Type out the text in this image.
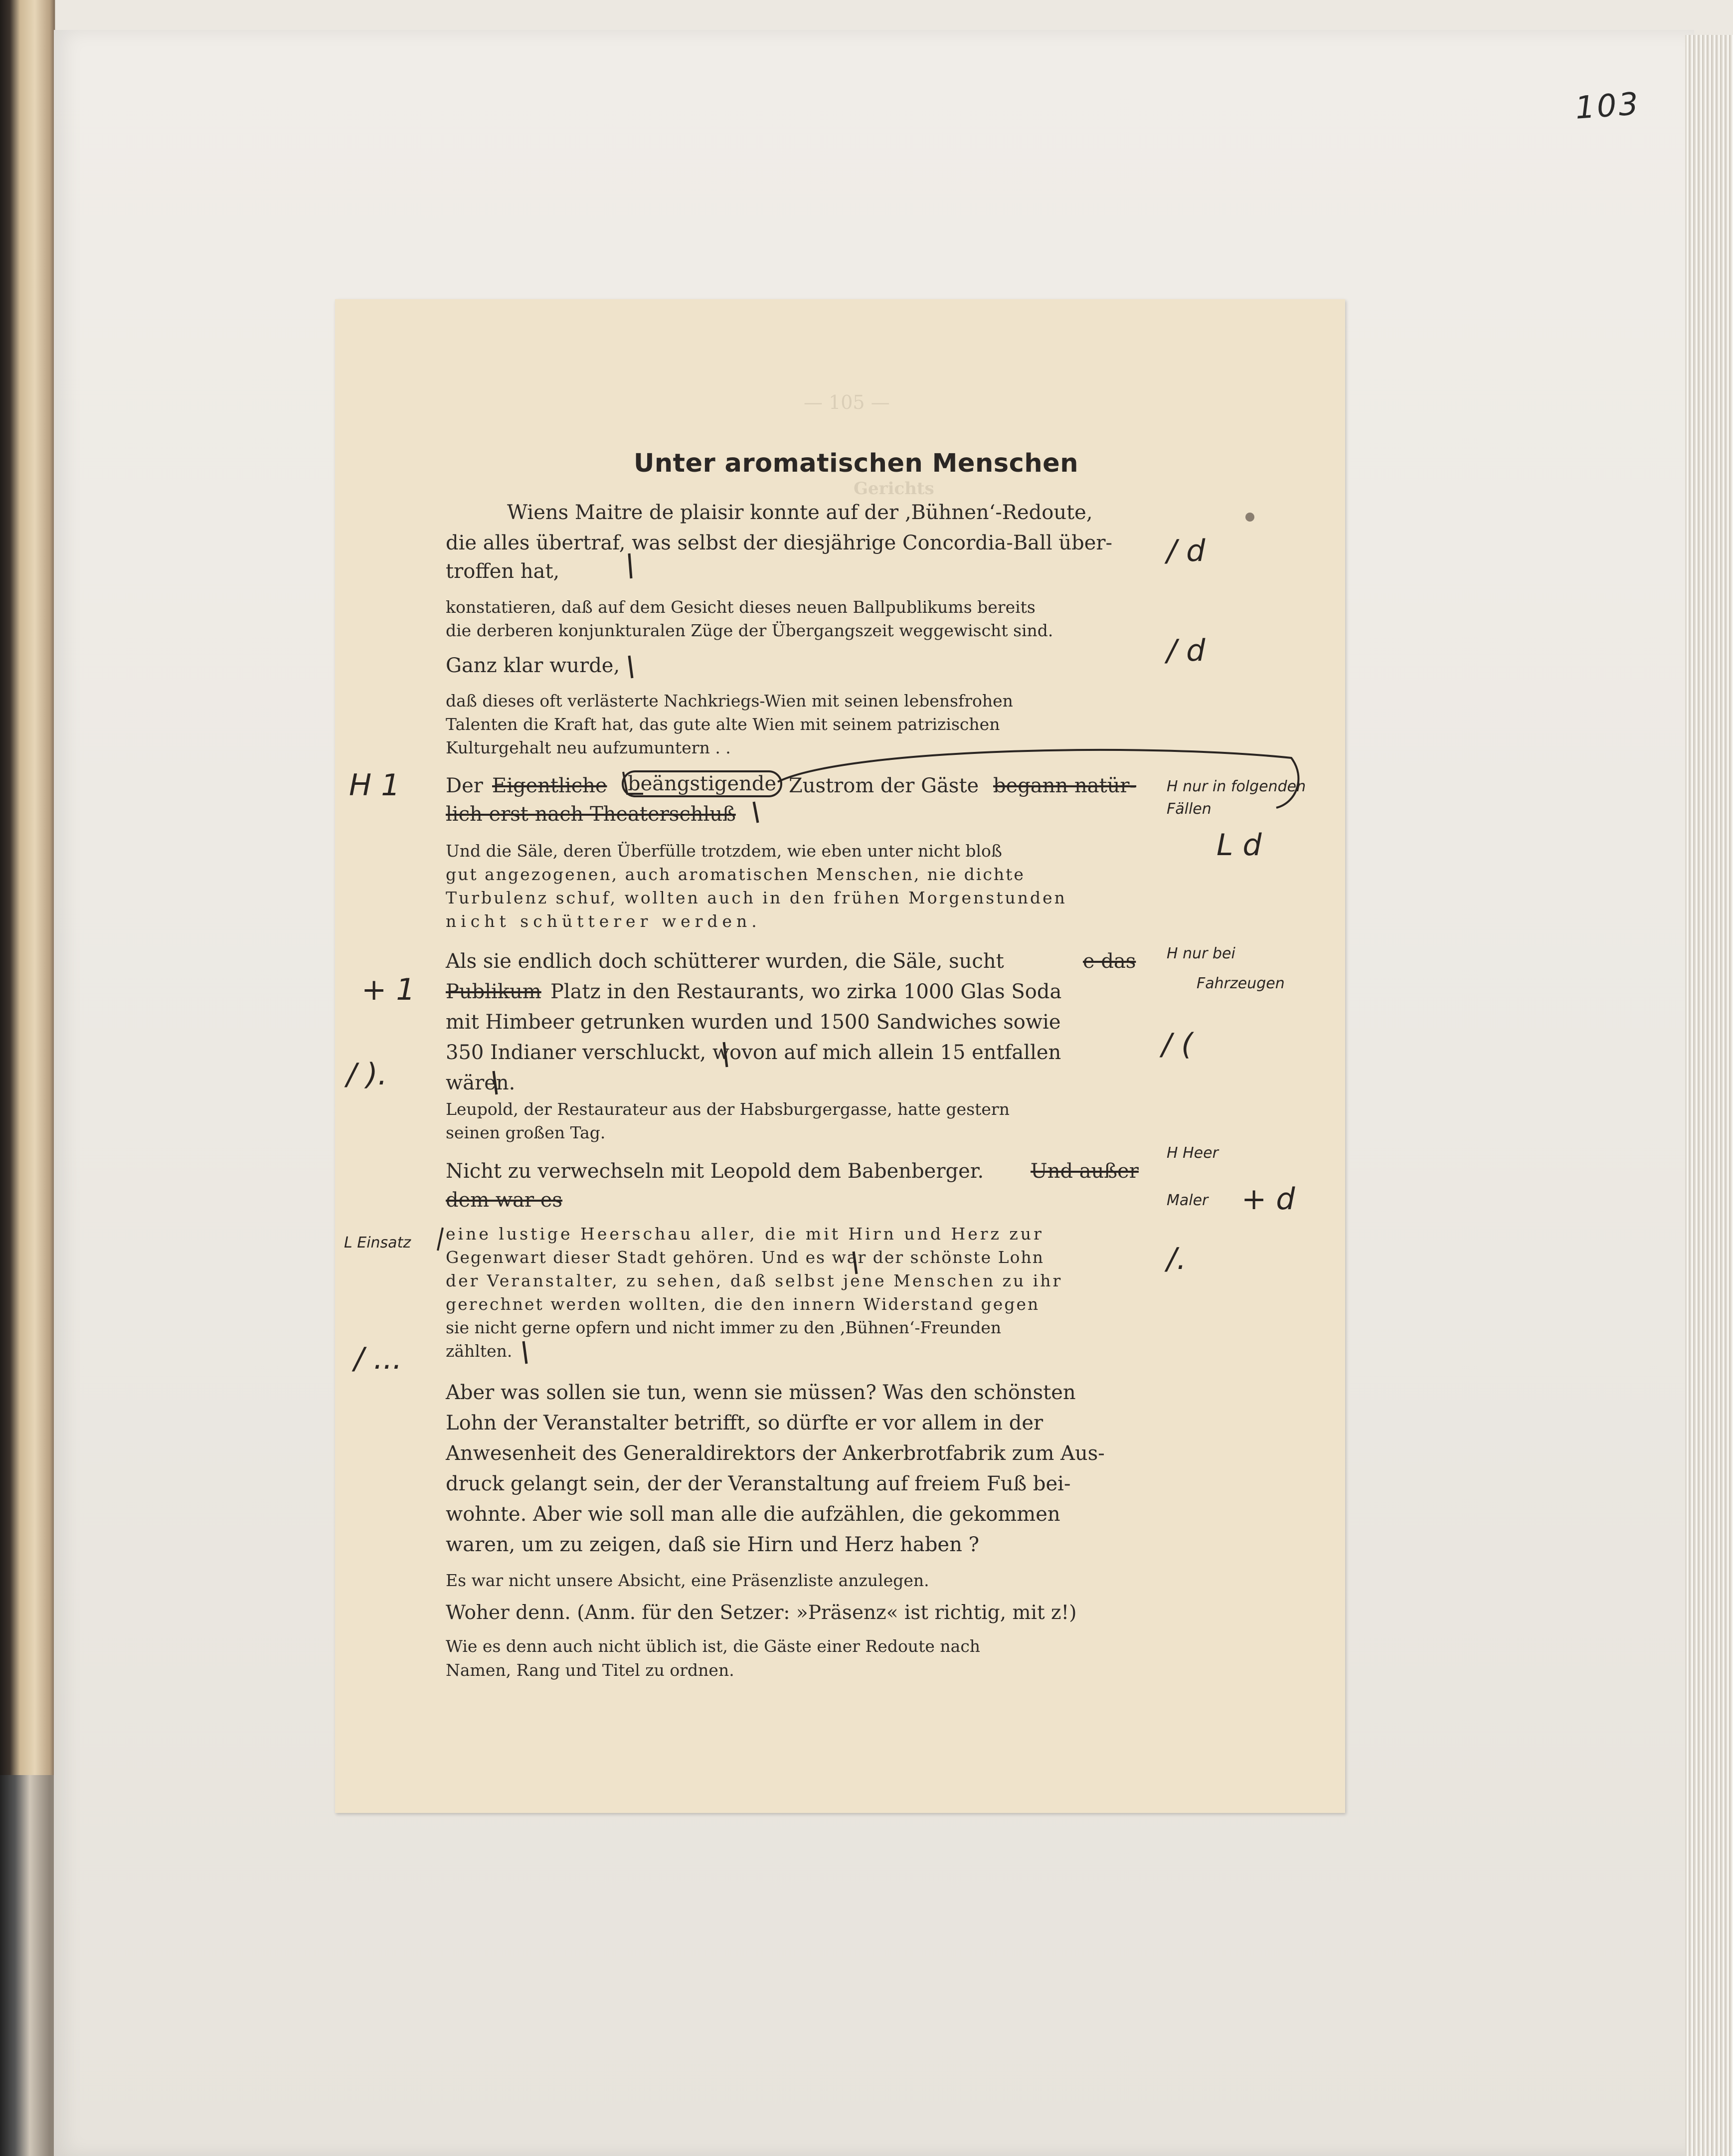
103
— 105 —
Gerichts
Unter aromatischen Menschen
Wiens Maitre de plaisir konnte auf der ‚Bühnen‘-Redoute,
die alles übertraf, was selbst der diesjährige Concordia-Ball über-
troffen hat,
konstatieren, daß auf dem Gesicht dieses neuen Ballpublikums bereits
die derberen konjunkturalen Züge der Übergangszeit weggewischt sind.
Ganz klar wurde,
daß dieses oft verlästerte Nachkriegs-Wien mit seinen lebensfrohen
Talenten die Kraft hat, das gute alte Wien mit seinem patrizischen
Kulturgehalt neu aufzumuntern . .
Der Eigentliche	beängstigende Zustrom der Gäste begann natür-
lich erst nach Theaterschluß
Und die Säle, deren Überfülle trotzdem, wie eben unter nicht bloß
gut angezogenen, auch aromatischen Menschen, nie dichte
Turbulenz schuf, wollten auch in den frühen Morgenstunden
nicht schütterer werden.
Als sie endlich doch schütterer wurden, die Säle, sucht	e das
Publikum Platz in den Restaurants, wo zirka 1000 Glas Soda
mit Himbeer getrunken wurden und 1500 Sandwiches sowie
350 Indianer verschluckt, wovon auf mich allein 15 entfallen
wären.
Leupold, der Restaurateur aus der Habsburgergasse, hatte gestern
seinen großen Tag.
Nicht zu verwechseln mit Leopold dem Babenberger. Und außer
dem war es
eine lustige Heerschau aller, die mit Hirn und Herz zur
Gegenwart dieser Stadt gehören. Und es war der schönste Lohn
der Veranstalter, zu sehen, daß selbst jene Menschen zu ihr
gerechnet werden wollten, die den innern Widerstand gegen
sie nicht gerne opfern und nicht immer zu den ‚Bühnen‘-Freunden
zählten.
Aber was sollen sie tun, wenn sie müssen? Was den schönsten
Lohn der Veranstalter betrifft, so dürfte er vor allem in der
Anwesenheit des Generaldirektors der Ankerbrotfabrik zum Aus-
druck gelangt sein, der der Veranstaltung auf freiem Fuß bei-
wohnte. Aber wie soll man alle die aufzählen, die gekommen
waren, um zu zeigen, daß sie Hirn und Herz haben ?
Es war nicht unsere Absicht, eine Präsenzliste anzulegen.
Woher denn. (Anm. für den Setzer: »Präsenz« ist richtig, mit z!)
Wie es denn auch nicht üblich ist, die Gäste einer Redoute nach
Namen, Rang und Titel zu ordnen.
/ d
/ d
H nur in folgenden
Fällen
L d
H nur bei
Fahrzeugen
/ (
H Heer
Maler + d
/.
H 1
+ 1
/ ).
L Einsatz
/ ...
